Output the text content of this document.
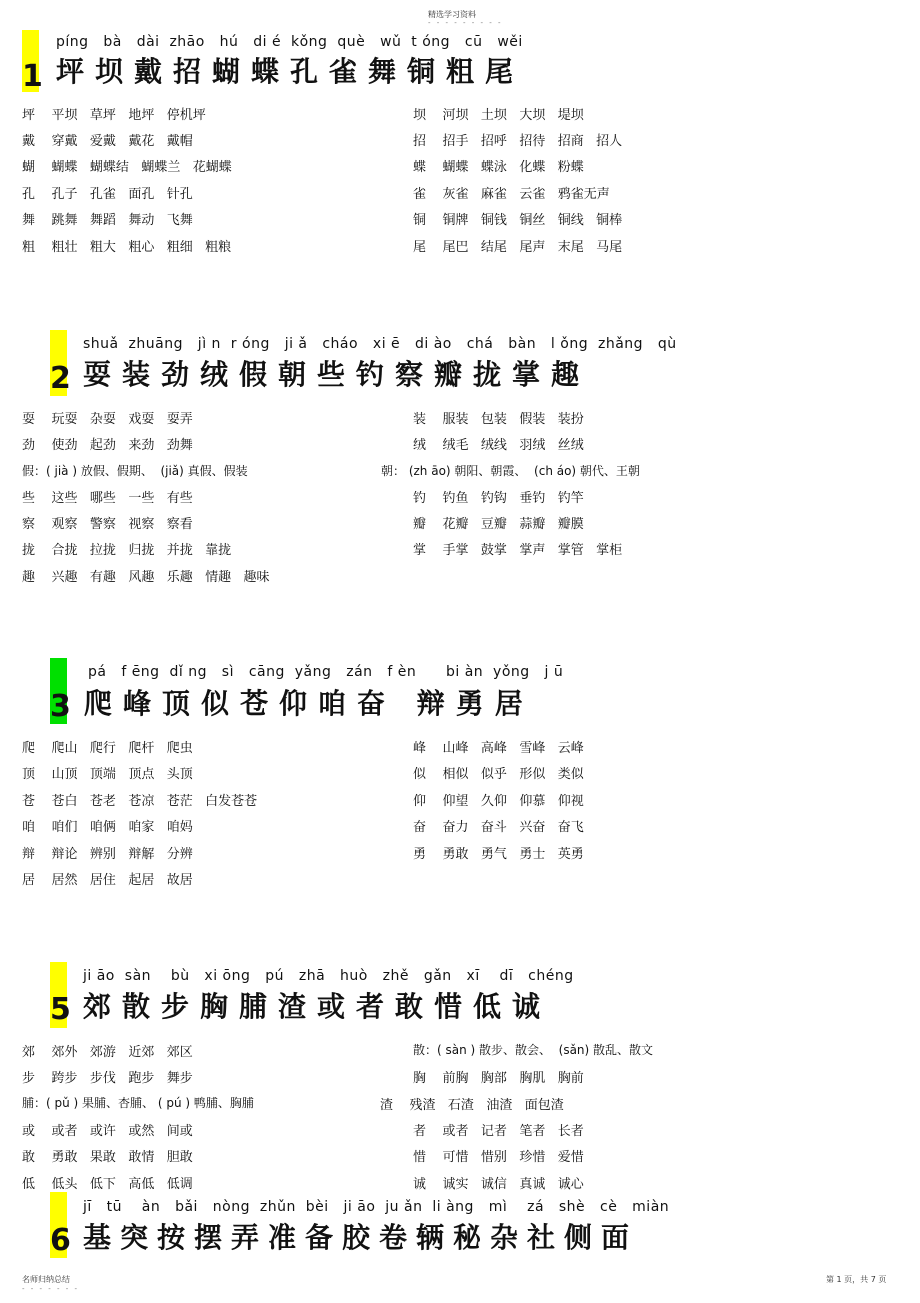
精选学习资料
- - - - - - - - -
1
píng   bà   dài  zhāo   hú   di é  kǒng  què   wǔ  t óng   cū   wěi
坪坝戴招蝴蝶孔雀舞铜粗尾
坪    平坝   草坪   地坪   停机坪	坝    河坝   土坝   大坝   堤坝
戴    穿戴   爱戴   戴花   戴帽	招    招手   招呼   招待   招商   招人
蝴    蝴蝶   蝴蝶结   蝴蝶兰   花蝴蝶	蝶    蝴蝶   蝶泳   化蝶   粉蝶
孔    孔子   孔雀   面孔   针孔	雀    灰雀   麻雀   云雀   鸦雀无声
舞    跳舞   舞蹈   舞动   飞舞	铜    铜牌   铜钱   铜丝   铜线   铜棒
粗    粗壮   粗大   粗心   粗细   粗粮	尾    尾巴   结尾   尾声   末尾   马尾
2
shuǎ  zhuāng   jì n  r óng   ji ǎ   cháo   xi ē   di ào   chá   bàn   l ǒng  zhǎng   qù
耍装劲绒假朝些钓察瓣拢掌趣
耍    玩耍   杂耍   戏耍   耍弄	装    服装   包装   假装   装扮
劲    使劲   起劲   来劲   劲舞	绒    绒毛   绒线   羽绒   丝绒
假：( jià ) 放假、假期、  (jiǎ) 真假、假装	朝： (zh āo) 朝阳、朝霞、  (ch áo) 朝代、王朝
些    这些   哪些   一些   有些	钓    钓鱼   钓钩   垂钓   钓竿
察    观察   警察   视察   察看	瓣    花瓣   豆瓣   蒜瓣   瓣膜
拢    合拢   拉拢   归拢   并拢   靠拢	掌    手掌   鼓掌   掌声   掌管   掌柜
趣    兴趣   有趣   风趣   乐趣   情趣   趣味
3
pá   f ēng  dǐ ng   sì   cāng  yǎng   zán   f èn      bi àn  yǒng   j ū
爬峰顶似苍仰咱奋 辩勇居
爬    爬山   爬行   爬杆   爬虫	峰    山峰   高峰   雪峰   云峰
顶    山顶   顶端   顶点   头顶	似    相似   似乎   形似   类似
苍    苍白   苍老   苍凉   苍茫   白发苍苍	仰    仰望   久仰   仰慕   仰视
咱    咱们   咱俩   咱家   咱妈	奋    奋力   奋斗   兴奋   奋飞
辩    辩论   辨别   辩解   分辨	勇    勇敢   勇气   勇士   英勇
居    居然   居住   起居   故居
5
ji āo  sàn    bù   xi ōng   pú   zhā   huò   zhě   gǎn   xī    dī   chéng
郊散步胸脯渣或者敢惜低诚
郊    郊外   郊游   近郊   郊区	散：( sàn ) 散步、散会、  (sǎn) 散乱、散文
步    跨步   步伐   跑步   舞步	胸    前胸   胸部   胸肌   胸前
脯：( pǔ ) 果脯、杏脯、 ( pú ) 鸭脯、胸脯	渣    残渣   石渣   油渣   面包渣
或    或者   或许   或然   间或	者    或者   记者   笔者   长者
敢    勇敢   果敢   敢情   胆敢	惜    可惜   惜别   珍惜   爱惜
低    低头   低下   高低   低调	诚    诚实   诚信   真诚   诚心
6
jī   tū    àn   bǎi   nòng  zhǔn  bèi   ji āo  ju ǎn  li àng   mì    zá   shè   cè   miàn
基突按摆弄准备胶卷辆秘杂社侧面
名师归纳总结
- - - - - - -
第 1 页，共 7 页
